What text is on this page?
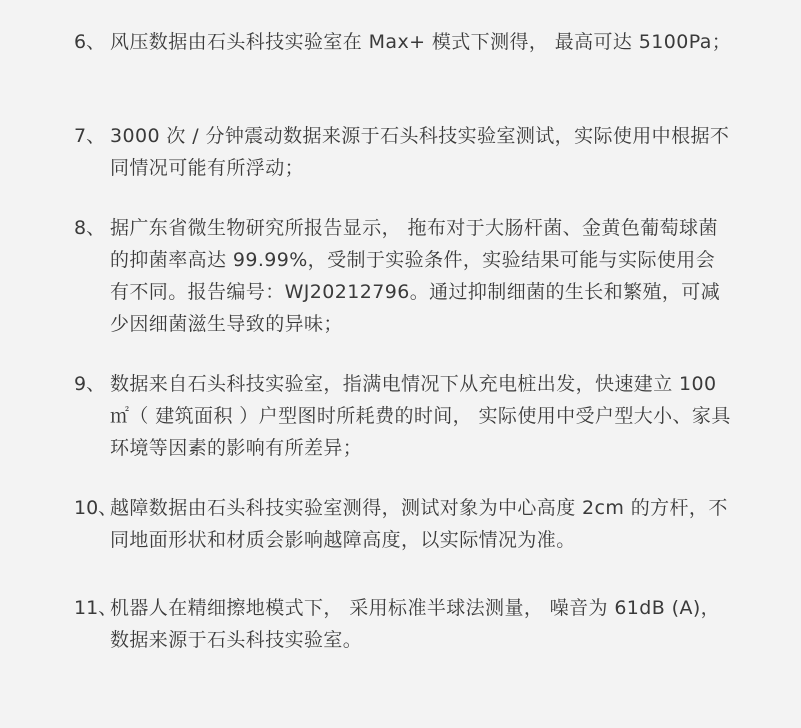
6、 风压数据由石头科技实验室在 Max+ 模式下测得， 最高可达 5100Pa；
7、 3000 次 / 分钟震动数据来源于石头科技实验室测试，实际使用中根据不同情况可能有所浮动；
8、 据广东省微生物研究所报告显示， 拖布对于大肠杆菌、金黄色葡萄球菌的抑菌率高达 99.99%，受制于实验条件，实验结果可能与实际使用会有不同。报告编号：WJ20212796。通过抑制细菌的生长和繁殖，可减少因细菌滋生导致的异味；
9、 数据来自石头科技实验室，指满电情况下从充电桩出发，快速建立 100 ㎡（ 建筑面积 ）户型图时所耗费的时间， 实际使用中受户型大小、家具环境等因素的影响有所差异；
10、
越障数据由石头科技实验室测得，测试对象为中心高度 2cm 的方杆，不同地面形状和材质会影响越障高度，以实际情况为准。
11、
机器人在精细擦地模式下， 采用标准半球法测量， 噪音为 61dB (A)，数据来源于石头科技实验室。
